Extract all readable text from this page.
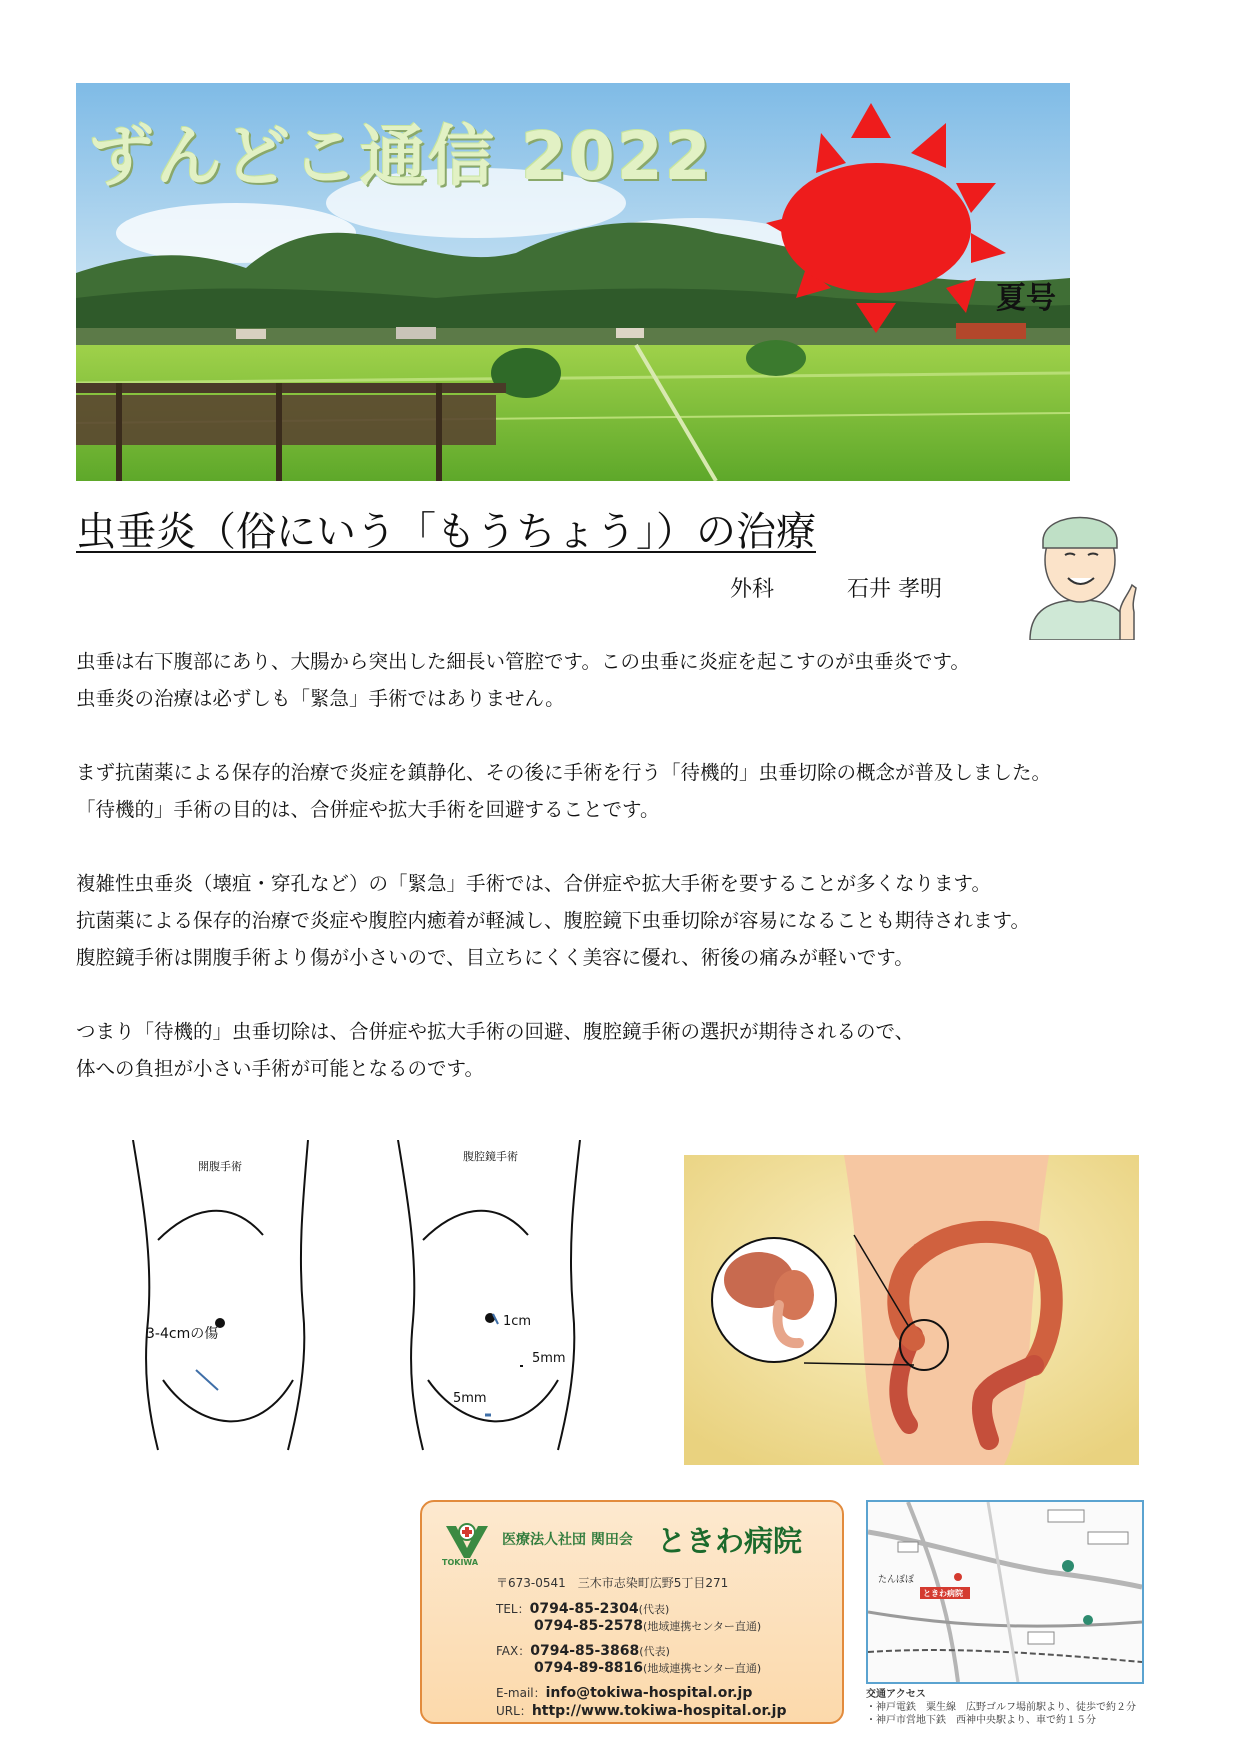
ずんどこ通信 2022
夏号
虫垂炎（俗にいう「もうちょう」）の治療
外科	石井 孝明

虫垂は右下腹部にあり、大腸から突出した細長い管腔です。この虫垂に炎症を起こすのが虫垂炎です。

虫垂炎の治療は必ずしも「緊急」手術ではありません。

まず抗菌薬による保存的治療で炎症を鎮静化、その後に手術を行う「待機的」虫垂切除の概念が普及しました。

「待機的」手術の目的は、合併症や拡大手術を回避することです。

複雑性虫垂炎（壊疽・穿孔など）の「緊急」手術では、合併症や拡大手術を要することが多くなります。

抗菌薬による保存的治療で炎症や腹腔内癒着が軽減し、腹腔鏡下虫垂切除が容易になることも期待されます。

腹腔鏡手術は開腹手術より傷が小さいので、目立ちにくく美容に優れ、術後の痛みが軽いです。

つまり「待機的」虫垂切除は、合併症や拡大手術の回避、腹腔鏡手術の選択が期待されるので、

体への負担が小さい手術が可能となるのです。

開腹手術
3-4cmの傷
腹腔鏡手術
1cm
5mm
5mm
TOKIWA
医療法人社団 関田会 ときわ病院
〒673-0541　三木市志染町広野5丁目271
TEL：0794-85-2304(代表)
0794-85-2578(地域連携センター直通)
FAX：0794-85-3868(代表)
0794-89-8816(地域連携センター直通)
E-mail：info@tokiwa-hospital.or.jp
URL：http://www.tokiwa-hospital.or.jp
ときわ病院
たんぽぽ
交通アクセス
・神戸電鉄　粟生線　広野ゴルフ場前駅より、徒歩で約２分
・神戸市営地下鉄　西神中央駅より、車で約１５分
